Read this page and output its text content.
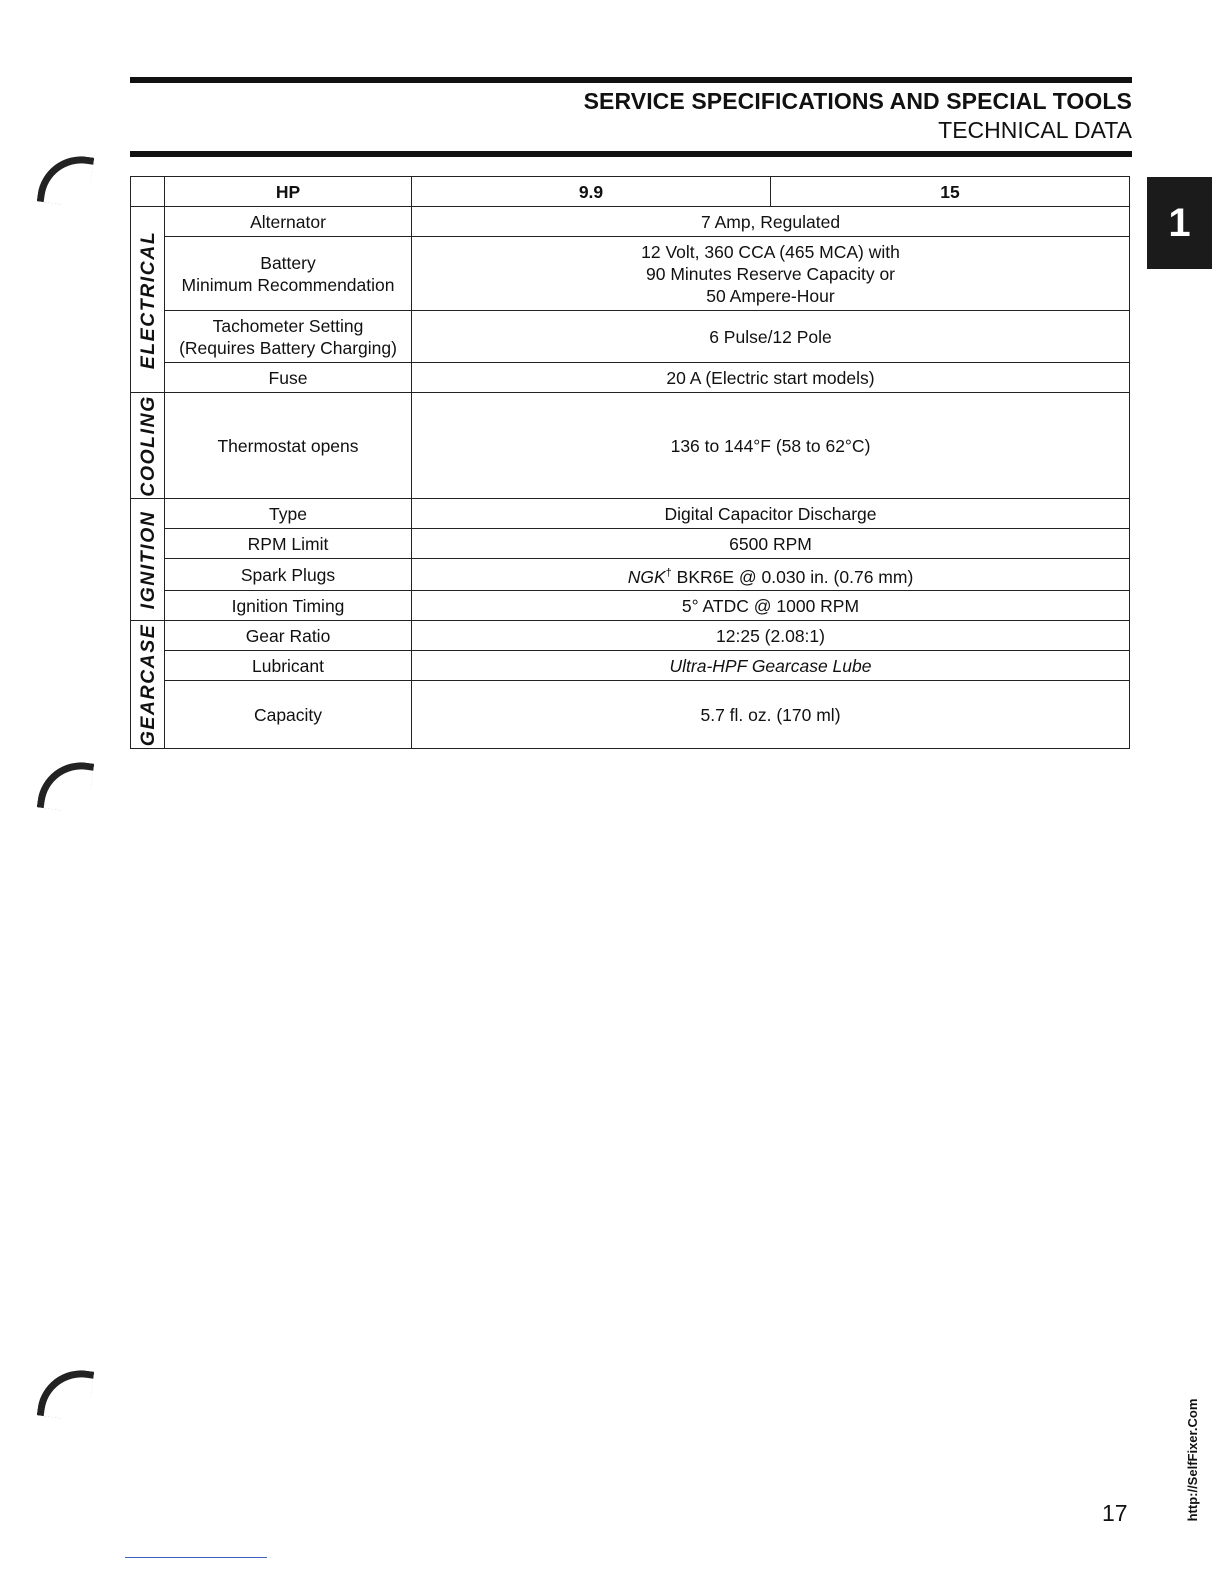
SERVICE SPECIFICATIONS AND SPECIAL TOOLS
TECHNICAL DATA
1
	HP	9.9	15

ELECTRICAL	Alternator	7 Amp, Regulated	

	Battery
Minimum Recommendation	12 Volt, 360 CCA (465 MCA) with
90 Minutes Reserve Capacity or
50 Ampere-Hour	

	Tachometer Setting
(Requires Battery Charging)	6 Pulse/12 Pole	
	Fuse	20 A (Electric start models)	

COOLING	Thermostat opens	136 to 144°F (58 to 62°C)	

IGNITION	Type	Digital Capacitor Discharge	
	RPM Limit	6500 RPM	
	Spark Plugs	NGK† BKR6E @ 0.030 in. (0.76 mm)	
	Ignition Timing	5° ATDC @ 1000 RPM	

GEARCASE	Gear Ratio	12:25 (2.08:1)	
	Lubricant	Ultra-HPF Gearcase Lube	
	Capacity	5.7 fl. oz. (170 ml)	
17	http://SelfFixer.Com
